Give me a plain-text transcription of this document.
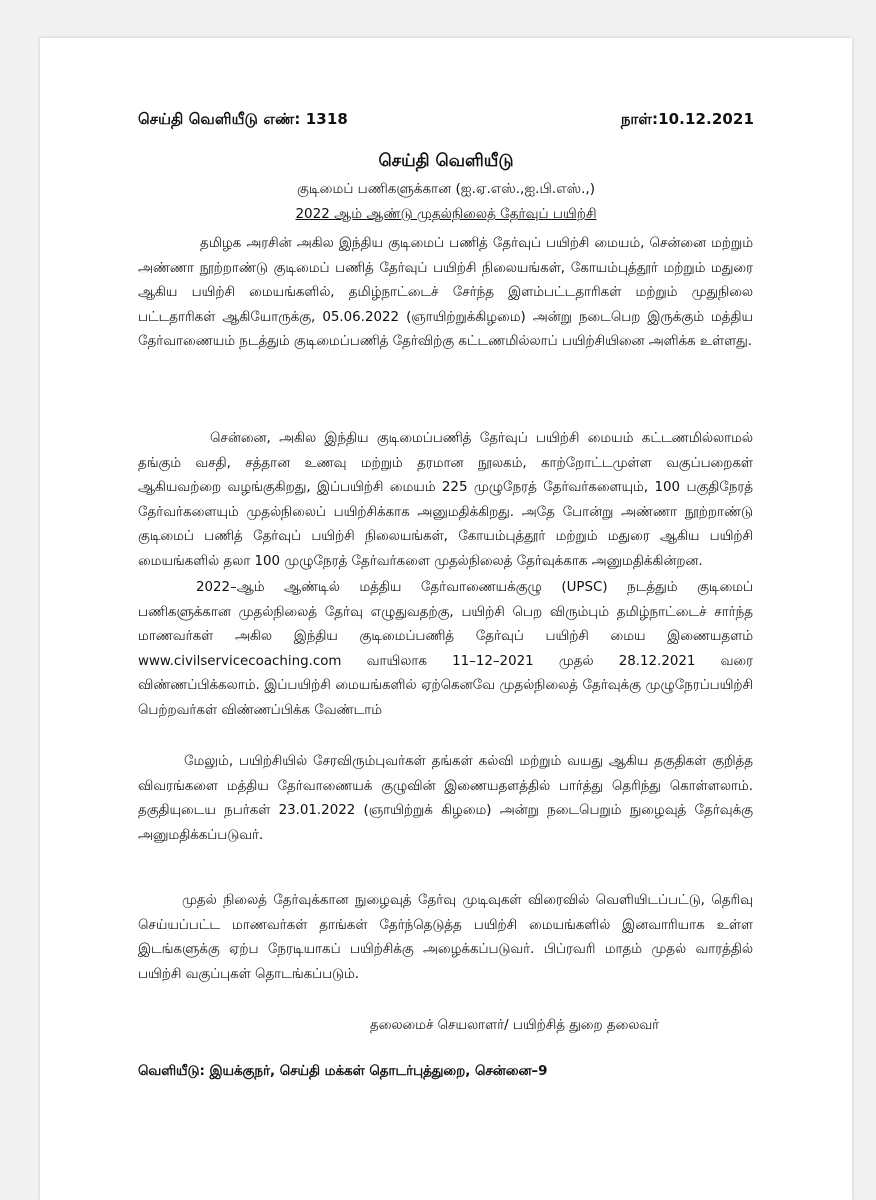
செய்தி வெளியீடு எண்: 1318	நாள்:10.12.2021
செய்தி வெளியீடு
குடிமைப் பணிகளுக்கான (ஐ.ஏ.எஸ்.,ஐ.பி.எஸ்.,)
2022 ஆம் ஆண்டு முதல்நிலைத் தேர்வுப் பயிற்சி
தமிழக அரசின் அகில இந்திய குடிமைப் பணித் தேர்வுப் பயிற்சி மையம், சென்னை மற்றும் அண்ணா நூற்றாண்டு குடிமைப் பணித் தேர்வுப் பயிற்சி நிலையங்கள், கோயம்புத்தூர் மற்றும் மதுரை ஆகிய பயிற்சி மையங்களில், தமிழ்நாட்டைச் சேர்ந்த இளம்பட்டதாரிகள் மற்றும் முதுநிலை பட்டதாரிகள் ஆகியோருக்கு, 05.06.2022 (ஞாயிற்றுக்கிழமை) அன்று நடைபெற இருக்கும் மத்திய தேர்வாணையம் நடத்தும் குடிமைப்பணித் தேர்விற்கு கட்டணமில்லாப் பயிற்சியினை அளிக்க உள்ளது.
சென்னை, அகில இந்திய குடிமைப்பணித் தேர்வுப் பயிற்சி மையம் கட்டணமில்லாமல் தங்கும் வசதி, சத்தான உணவு மற்றும் தரமான நூலகம், காற்றோட்டமுள்ள வகுப்பறைகள் ஆகியவற்றை வழங்குகிறது, இப்பயிற்சி மையம் 225 முழுநேரத் தேர்வர்களையும், 100 பகுதிநேரத் தேர்வர்களையும் முதல்நிலைப் பயிற்சிக்காக அனுமதிக்கிறது. அதே போன்று அண்ணா நூற்றாண்டு குடிமைப் பணித் தேர்வுப் பயிற்சி நிலையங்கள், கோயம்புத்தூர் மற்றும் மதுரை ஆகிய பயிற்சி மையங்களில் தலா 100 முழுநேரத் தேர்வர்களை முதல்நிலைத் தேர்வுக்காக அனுமதிக்கின்றன.
2022–ஆம் ஆண்டில் மத்திய தேர்வாணையக்குழு (UPSC) நடத்தும் குடிமைப் பணிகளுக்கான முதல்நிலைத் தேர்வு எழுதுவதற்கு, பயிற்சி பெற விரும்பும் தமிழ்நாட்டைச் சார்ந்த மாணவர்கள் அகில இந்திய குடிமைப்பணித் தேர்வுப் பயிற்சி மைய இணையதளம் www.civilservicecoaching.com வாயிலாக 11–12–2021 முதல் 28.12.2021 வரை விண்ணப்பிக்கலாம். இப்பயிற்சி மையங்களில் ஏற்கெனவே முதல்நிலைத் தேர்வுக்கு முழுநேரப்பயிற்சி பெற்றவர்கள் விண்ணப்பிக்க வேண்டாம்
மேலும், பயிற்சியில் சேரவிரும்புவர்கள் தங்கள் கல்வி மற்றும் வயது ஆகிய தகுதிகள் குறித்த விவரங்களை மத்திய தேர்வாணையக் குழுவின் இணையதளத்தில் பார்த்து தெரிந்து கொள்ளலாம். தகுதியுடைய நபர்கள் 23.01.2022 (ஞாயிற்றுக் கிழமை) அன்று நடைபெறும் நுழைவுத் தேர்வுக்கு அனுமதிக்கப்படுவர்.
முதல் நிலைத் தேர்வுக்கான நுழைவுத் தேர்வு முடிவுகள் விரைவில் வெளியிடப்பட்டு, தெரிவு செய்யப்பட்ட மாணவர்கள் தாங்கள் தேர்ந்தெடுத்த பயிற்சி மையங்களில் இனவாரியாக உள்ள இடங்களுக்கு ஏற்ப நேரடியாகப் பயிற்சிக்கு அழைக்கப்படுவர். பிப்ரவரி மாதம் முதல் வாரத்தில் பயிற்சி வகுப்புகள் தொடங்கப்படும்.
தலைமைச் செயலாளர்/ பயிற்சித் துறை தலைவர்
வெளியீடு: இயக்குநர், செய்தி மக்கள் தொடர்புத்துறை, சென்னை–9
